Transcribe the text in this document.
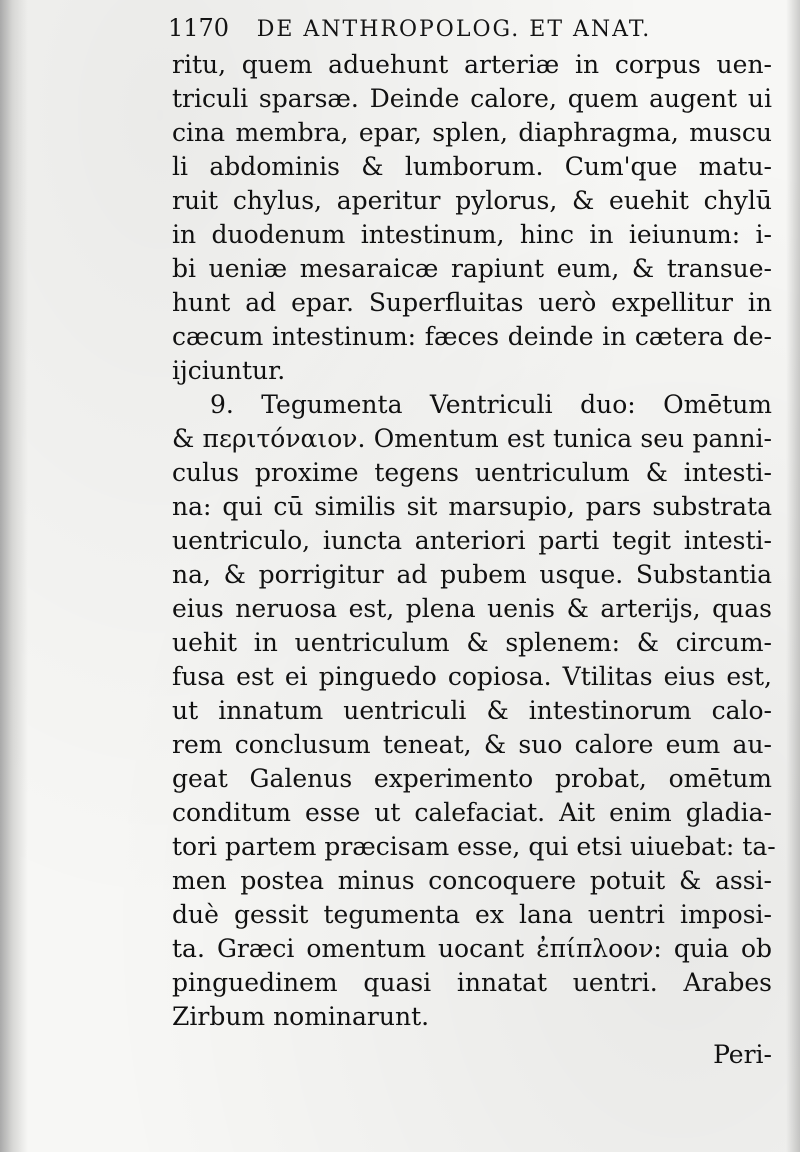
1170 DE ANTHROPOLOG. ET ANAT.
ritu, quem aduehunt arteriæ in corpus uen-
triculi sparsæ. Deinde calore, quem augent ui
cina membra, epar, splen, diaphragma, muscu
li abdominis & lumborum. Cum'que matu-
ruit chylus, aperitur pylorus, & euehit chylū
in duodenum intestinum, hinc in ieiunum: i-
bi ueniæ mesaraicæ rapiunt eum, & transue-
hunt ad epar. Superfluitas uerò expellitur in
cæcum intestinum: fæces deinde in cætera de-
ijciuntur.
9. Tegumenta Ventriculi duo: Omētum
& περιτόναιον. Omentum est tunica seu panni-
culus proxime tegens uentriculum & intesti-
na: qui cū similis sit marsupio, pars substrata
uentriculo, iuncta anteriori parti tegit intesti-
na, & porrigitur ad pubem usque. Substantia
eius neruosa est, plena uenis & arterijs, quas
uehit in uentriculum & splenem: & circum-
fusa est ei pinguedo copiosa. Vtilitas eius est,
ut innatum uentriculi & intestinorum calo-
rem conclusum teneat, & suo calore eum au-
geat Galenus experimento probat, omētum
conditum esse ut calefaciat. Ait enim gladia-
tori partem præcisam esse, qui etsi uiuebat: ta-
men postea minus concoquere potuit & assi-
duè gessit tegumenta ex lana uentri imposi-
ta. Græci omentum uocant ἐπίπλοον: quia ob
pinguedinem quasi innatat uentri. Arabes
Zirbum nominarunt.
Peri-
